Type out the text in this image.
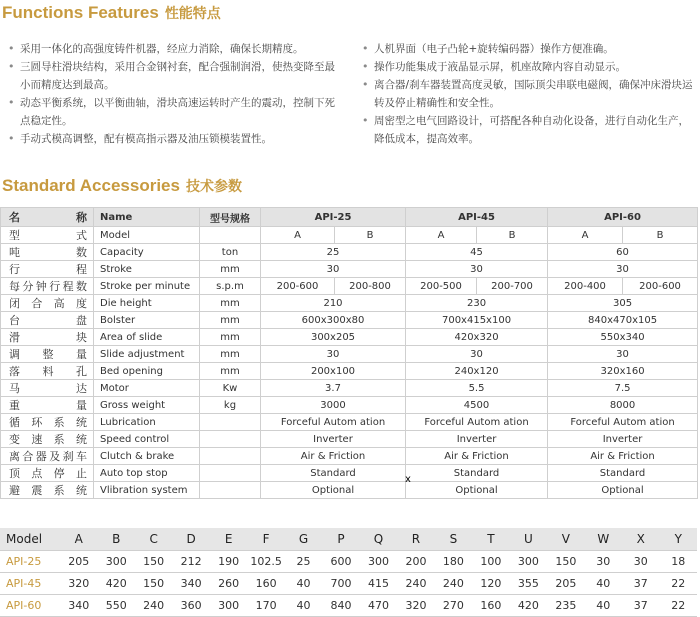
Functions Features 性能特点
• 采用一体化的高强度铸件机器，经应力消除，确保长期精度。
• 三圆导柱滑块结构，采用合金钢衬套，配合强制润滑，使热变降至最小而精度达到最高。
• 动态平衡系统，以平衡曲轴，滑块高速运转时产生的震动，控制下死点稳定性。
• 手动式模高调整，配有模高指示器及油压锁模装置性。
• 人机界面（电子凸轮+旋转编码器）操作方便准确。
• 操作功能集成于液晶显示屏，机座故障内容自动显示。
• 离合器/刹车器装置高度灵敏，国际顶尖串联电磁阀，确保冲床滑块运转及停止精确性和安全性。
• 周密型之电气回路设计，可搭配各种自动化设备，进行自动化生产，降低成本，提高效率。
Standard Accessories 技术参数
名　称	Name	型号规格	API-25		API-45		API-60	
型　式	Model		A	B	A	B	A	B
吨　数	Capacity	ton	25		45		60	
行　程	Stroke	mm	30		30		30	
每分钟行程数	Stroke per minute	s.p.m	200-600	200-800	200-500	200-700	200-400	200-600
闭合高度	Die height	mm	210		230		305	
台　盘	Bolster	mm	600x300x80		700x415x100		840x470x105	
滑　块	Area of slide	mm	300x205		420x320		550x340	
调整量	Slide adjustment	mm	30		30		30	
落料孔	Bed opening	mm	200x100		240x120		320x160	
马　达	Motor	Kw	3.7		5.5		7.5	
重　量	Gross weight	kg	3000		4500		8000	
循环系统	Lubrication		Forceful Autom ation		Forceful Autom ation		Forceful Autom ation	
变速系统	Speed control		Inverter		Inverter		Inverter	
离合器及刹车	Clutch & brake		Air & Friction		Air & Friction		Air & Friction	
顶点停止	Auto top stop		Standard		Standard		Standard	
避震系统	Vlibration system		Optional		Optional		Optional	
x
Model	A	B	C	D	E	F	G	P	Q	R	S	T	U	V	W	X	Y
API-25	205	300	150	212	190	102.5	25	600	300	200	180	100	300	150	30	30	18
API-45	320	420	150	340	260	160	40	700	415	240	240	120	355	205	40	37	22
API-60	340	550	240	360	300	170	40	840	470	320	270	160	420	235	40	37	22
